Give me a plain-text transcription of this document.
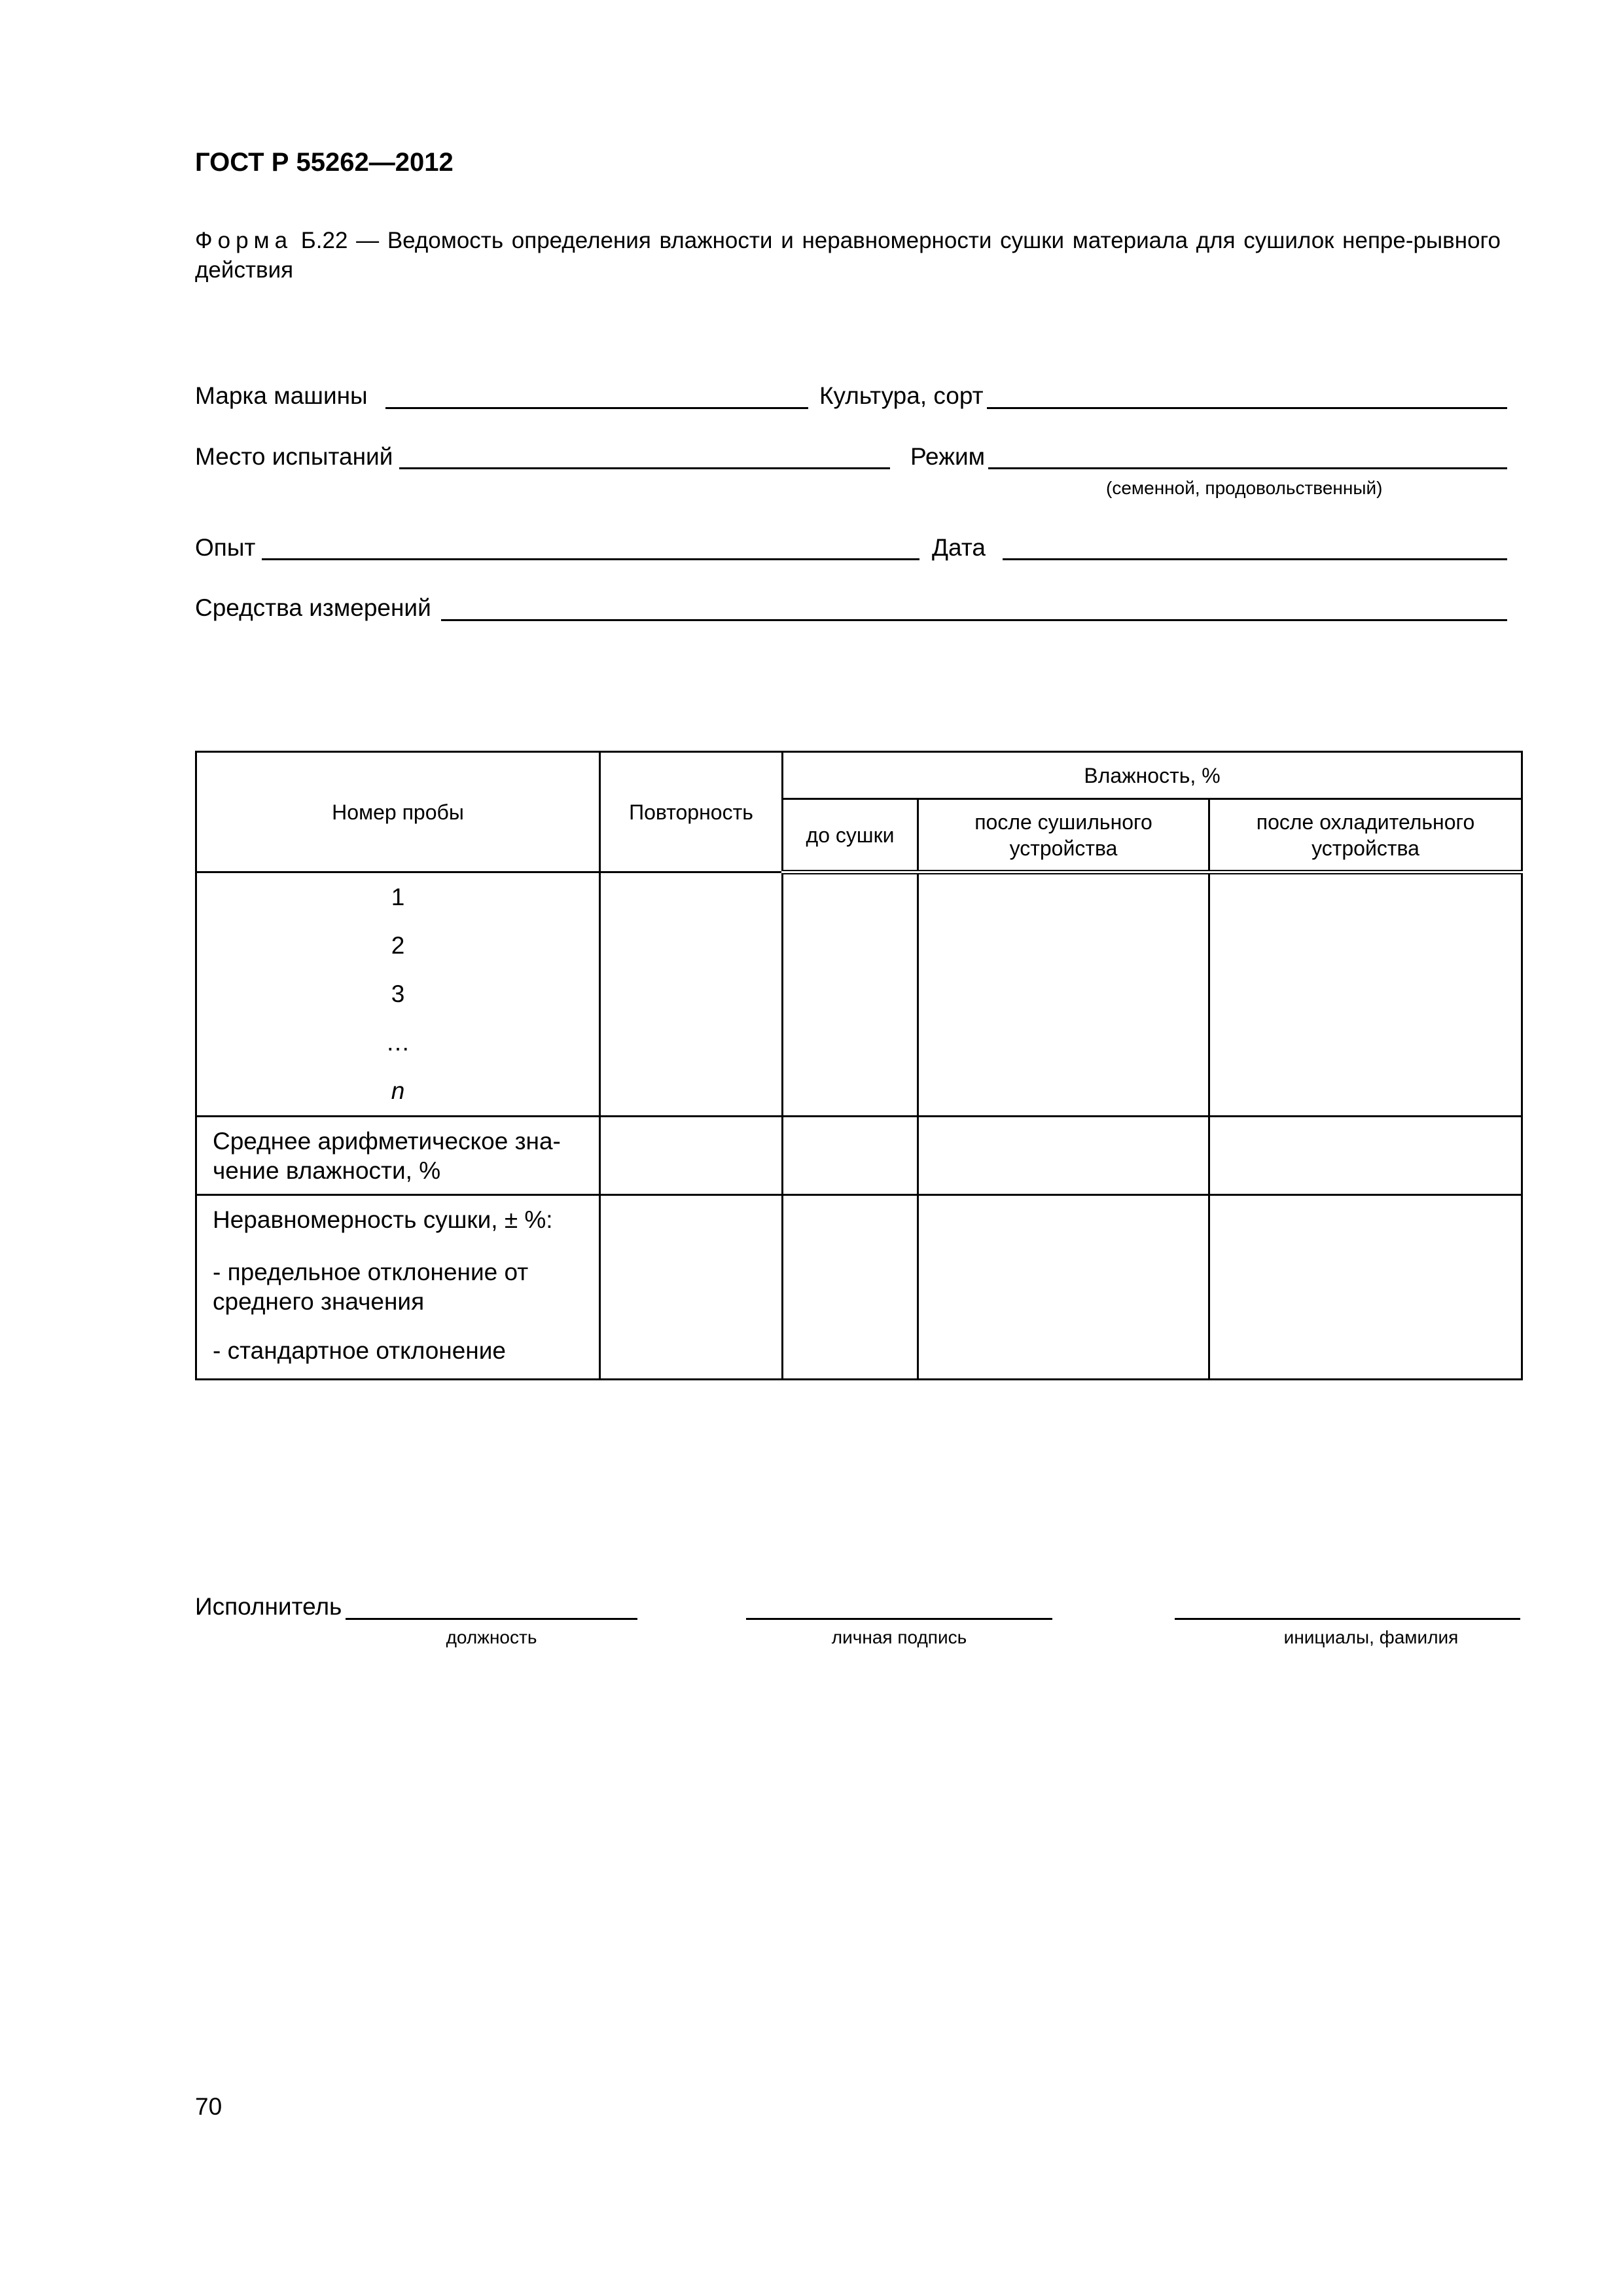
ГОСТ Р 55262—2012
Форма Б.22 — Ведомость определения влажности и неравномерности сушки материала для сушилок непре-рывного действия
Марка машины	Культура, сорт
Место испытаний	Режим
(семенной, продовольственный)
Опыт	Дата
Средства измерений
Номер пробы	Повторность	Влажность, %		
		до сушки	после сушильного устройства	после охладительного устройства

1
2
3
…
n				

Среднее арифметическое зна-чение влажности, %				

Неравномерность сушки, ± %:

- предельное отклонение от среднего значения

- стандартное отклонение				

Исполнитель
должность	личная подпись	инициалы, фамилия
70
